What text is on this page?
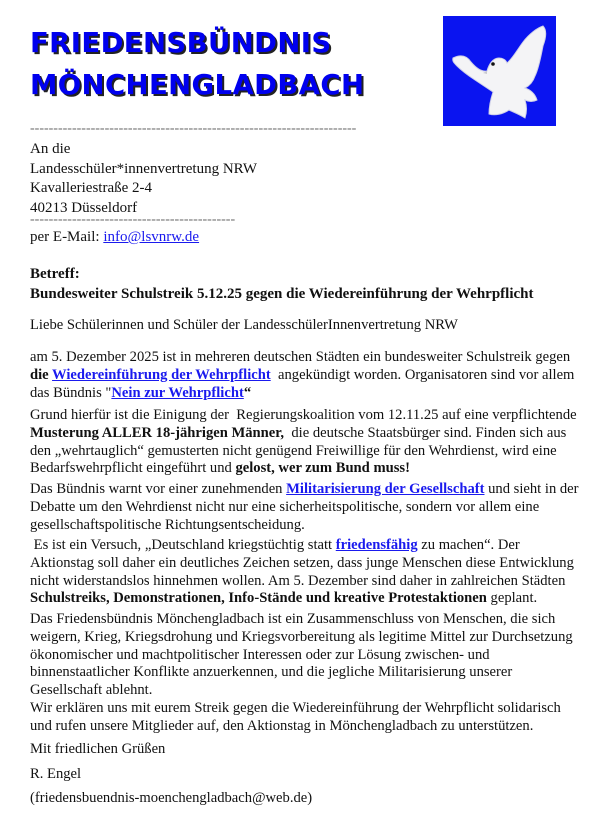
FRIEDENSBÜNDNIS
MÖNCHENGLADBACH
----------------------------------------------------------------------
An die
Landesschüler*innenvertretung NRW
Kavalleriestraße 2-4
40213 Düsseldorf
--------------------------------------------
per E-Mail: info@lsvnrw.de
Betreff:
Bundesweiter Schulstreik 5.12.25 gegen die Wiedereinführung der Wehrpflicht
Liebe Schülerinnen und Schüler der LandesschülerInnenvertretung NRW
am 5. Dezember 2025 ist in mehreren deutschen Städten ein bundesweiter Schulstreik gegen
die Wiedereinführung der Wehrpflicht  angekündigt worden. Organisatoren sind vor allem
das Bündnis "Nein zur Wehrpflicht“
Grund hierfür ist die Einigung der  Regierungskoalition vom 12.11.25 auf eine verpflichtende
Musterung ALLER 18-jährigen Männer,  die deutsche Staatsbürger sind. Finden sich aus
den „wehrtauglich“ gemusterten nicht genügend Freiwillige für den Wehrdienst, wird eine
Bedarfswehrpflicht eingeführt und gelost, wer zum Bund muss!
Das Bündnis warnt vor einer zunehmenden Militarisierung der Gesellschaft und sieht in der
Debatte um den Wehrdienst nicht nur eine sicherheitspolitische, sondern vor allem eine
gesellschaftspolitische Richtungsentscheidung.
Es ist ein Versuch, „Deutschland kriegstüchtig statt friedensfähig zu machen“. Der
Aktionstag soll daher ein deutliches Zeichen setzen, dass junge Menschen diese Entwicklung
nicht widerstandslos hinnehmen wollen. Am 5. Dezember sind daher in zahlreichen Städten
Schulstreiks, Demonstrationen, Info-Stände und kreative Protestaktionen geplant.
Das Friedensbündnis Mönchengladbach ist ein Zusammenschluss von Menschen, die sich
weigern, Krieg, Kriegsdrohung und Kriegsvorbereitung als legitime Mittel zur Durchsetzung
ökonomischer und machtpolitischer Interessen oder zur Lösung zwischen- und
binnenstaatlicher Konflikte anzuerkennen, und die jegliche Militarisierung unserer
Gesellschaft ablehnt.
Wir erklären uns mit eurem Streik gegen die Wiedereinführung der Wehrpflicht solidarisch
und rufen unsere Mitglieder auf, den Aktionstag in Mönchengladbach zu unterstützen.
Mit friedlichen Grüßen
R. Engel
(friedensbuendnis-moenchengladbach@web.de)
